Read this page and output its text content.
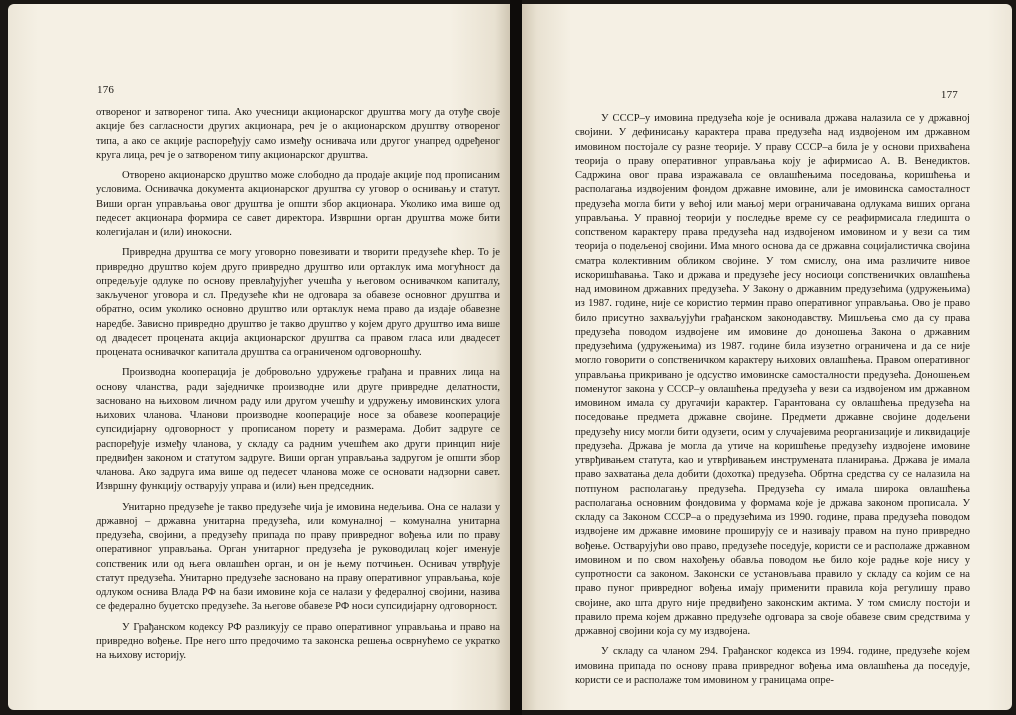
176

отвореног и затвореног типа. Ако учесници акционарског друштва могу да отуђе своје акције без сагласности других акционара, реч је о акционарском друштву отвореног типа, а ако се акције распоређују само између оснивача или другог унапред одређеног круга лица, реч је о затвореном типу акционарског друштва.

Отворено акционарско друштво може слободно да продаје акције под прописаним условима. Оснивачка документа акционарског друштва су уговор о оснивању и статут. Виши орган управљања овог друштва је општи збор акционара. Уколико има више од педесет акционара формира се савет директора. Извршни орган друштва може бити колегијалан и (или) инокосни.

Привредна друштва се могу уговорно повезивати и творити предузеће кћер. То је привредно друштво којем друго привредно друштво или ортаклук има могућност да опредељује одлуке по основу превлађујућег учешћа у његовом оснивачком капиталу, закљученог уговора и сл. Предузеће кћи не одговара за обавезе основног друштва и обратно, осим уколико основно друштво или ортаклук нема право да издаје обавезне наредбе. Зависно привредно друштво је такво друштво у којем друго друштво има више од двадесет процената акција акционарског друштва са правом гласа или двадесет процената оснивачког капитала друштва са ограниченом одговорношћу.

Производна кооперација је добровољно удружење грађана и правних лица на основу чланства, ради заједничке производне или друге привредне делатности, засновано на њиховом личном раду или другом учешћу и удружењу имовинских улога њихових чланова. Чланови производне кооперације носе за обавезе кооперације супсидијарну одговорност у прописаном порету и размерама. Добит задруге се распоређује између чланова, у складу са радним учешћем ако други принцип није предвиђен законом и статутом задруге. Виши орган управљања задругом је општи збор чланова. Ако задруга има више од педесет чланова може се основати надзорни савет. Извршну функцију остварују управа и (или) њен председник.

Унитарно предузеће је такво предузеће чија је имовина недељива. Она се налази у државној – државна унитарна предузећа, или комуналној – комунална унитарна предузећа, својини, а предузећу припада по праву привредног вођења или по праву оперативног управљања. Орган унитарног предузећа је руководилац којег именује сопственик или од њега овлашћен орган, и он је њему потчињен. Оснивач утврђује статут предузећа. Унитарно предузеће засновано на праву оперативног управљања, које одлуком оснива Влада РФ на бази имовине која се налази у федералној својини, назива се федерално буџетско предузеће. За његове обавезе РФ носи супсидијарну одговорност.

У Грађанском кодексу РФ разликују се право оперативног управљања и право на привредно вођење. Пре него што предочимо та законска решења осврнућемо се укратко на њихову историју.

177

У СССР–у имовина предузећа које је оснивала држава налазила се у државној својини. У дефинисању карактера права предузећа над издвојеном им државном имовином постојале су разне теорије. У праву СССР–а била је у основи прихваћена теорија о праву оперативног управљања коју је афирмисао А. В. Венедиктов. Садржина овог права изражавала се овлашћењима поседовања, коришћења и располагања издвојеним фондом државне имовине, али је имовинска самосталност предузећа могла бити у већој или мањој мери ограничавана одлукама виших органа управљања. У правној теорији у последње време су се реафирмисала гледишта о сопственом карактеру права предузећа над издвојеном имовином и у вези са тим теорија о подељеној својини. Има много основа да се државна социјалистичка својина сматра колективним обликом својине. У том смислу, она има различите нивое искоришћавања. Тако и држава и предузеће јесу носиоци сопственичких овлашћења над имовином државних предузећа. У Закону о државним предузећима (удружењима) из 1987. године, није се користио термин право оперативног управљања. Ово је право било присутно захваљујући грађанском законодавству. Мишљења смо да су права предузећа поводом издвојене им имовине до доношења Закона о државним предузећима (удружењима) из 1987. године била изузетно ограничена и да се није могло говорити о сопственичком карактеру њихових овлашћења. Правом оперативног управљања прикривано је одсуство имовинске самосталности предузећа. Доношењем поменутог закона у СССР–у овлашћења предузећа у вези са издвојеном им државном имовином имала су другачији карактер. Гарантована су овлашћења предузећа на поседовање предмета државне својине. Предмети државне својине додељени предузећу нису могли бити одузети, осим у случајевима реорганизације и ликвидације предузећа. Држава је могла да утиче на коришћење предузећу издвојене имовине утврђивањем статута, као и утврђивањем инструмената планирања. Држава је имала право захватања дела добити (дохотка) предузећа. Обртна средства су се налазила на потпуном располагању предузећа. Предузећа су имала широка овлашћења располагања основним фондовима у формама које је држава законом прописала. У складу са Законом СССР–а о предузећима из 1990. године, права предузећа поводом издвојене им државне имовине проширују се и називају правом на пуно привредно вођење. Остварујући ово право, предузеће поседује, користи се и располаже државном имовином и по свом нахођењу обавља поводом ње било које радње које нису у супротности са законом. Законски се установљава правило у складу са којим се на право пуног привредног вођења имају применити правила која регулишу право својине, ако шта друго није предвиђено законским актима. У том смислу постоји и правило према којем државно предузеће одговара за своје обавезе свим средствима у државној својини која су му издвојена.

У складу са чланом 294. Грађанског кодекса из 1994. године, предузеће којем имовина припада по основу права привредног вођења има овлашћења да поседује, користи се и располаже том имовином у границама опре-
